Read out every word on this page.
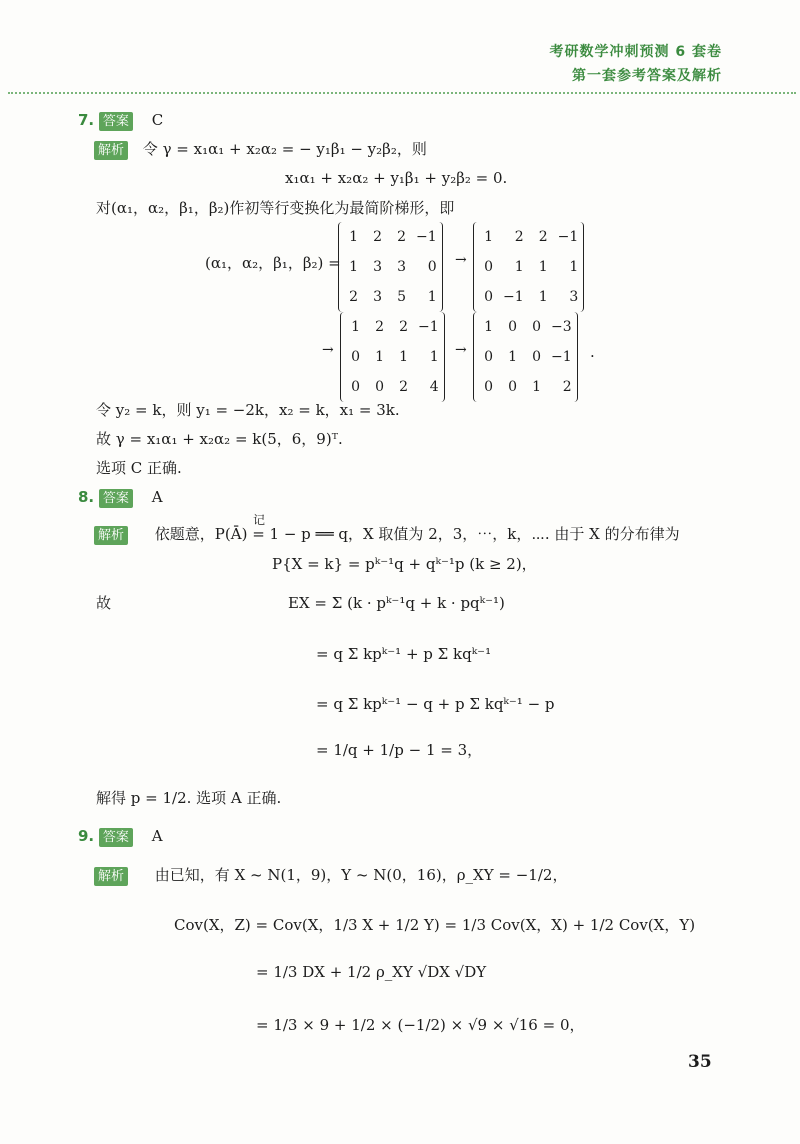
考研数学冲刺预测 6 套卷
第一套参考答案及解析
7. 答案 C
解析 令 γ = x₁α₁ + x₂α₂ = − y₁β₁ − y₂β₂，则
x₁α₁ + x₂α₂ + y₁β₁ + y₂β₂ = 0.
对(α₁，α₂，β₁，β₂)作初等行变换化为最简阶梯形，即
(α₁，α₂，β₁，β₂) =
1	2	2	−1
1	3	3	0
2	3	5	1
→
1	2	2	−1
0	1	1	1
0	−1	1	3
→
1	2	2	−1
0	1	1	1
0	0	2	4
→
1	0	0	−3
0	1	0	−1
0	0	1	2
.
令 y₂ = k，则 y₁ = −2k，x₂ = k，x₁ = 3k.
故 γ = x₁α₁ + x₂α₂ = k(5，6，9)ᵀ.
选项 C 正确.
8. 答案 A
记
解析 依题意，P(Ā) = 1 − p ══ q，X 取值为 2，3，⋯，k，⋯. 由于 X 的分布律为
P{X = k} = pᵏ⁻¹q + qᵏ⁻¹p (k ≥ 2)，
故	EX = Σ (k · pᵏ⁻¹q + k · pqᵏ⁻¹)
= q Σ kpᵏ⁻¹ + p Σ kqᵏ⁻¹
= q Σ kpᵏ⁻¹ − q + p Σ kqᵏ⁻¹ − p
= 1/q + 1/p − 1 = 3，
解得 p = 1/2. 选项 A 正确.
9. 答案 A
解析 由已知，有 X ~ N(1，9)，Y ~ N(0，16)，ρ_XY = −1/2，
Cov(X，Z) = Cov(X，1/3 X + 1/2 Y) = 1/3 Cov(X，X) + 1/2 Cov(X，Y)
= 1/3 DX + 1/2 ρ_XY √DX √DY
= 1/3 × 9 + 1/2 × (−1/2) × √9 × √16 = 0，
35
